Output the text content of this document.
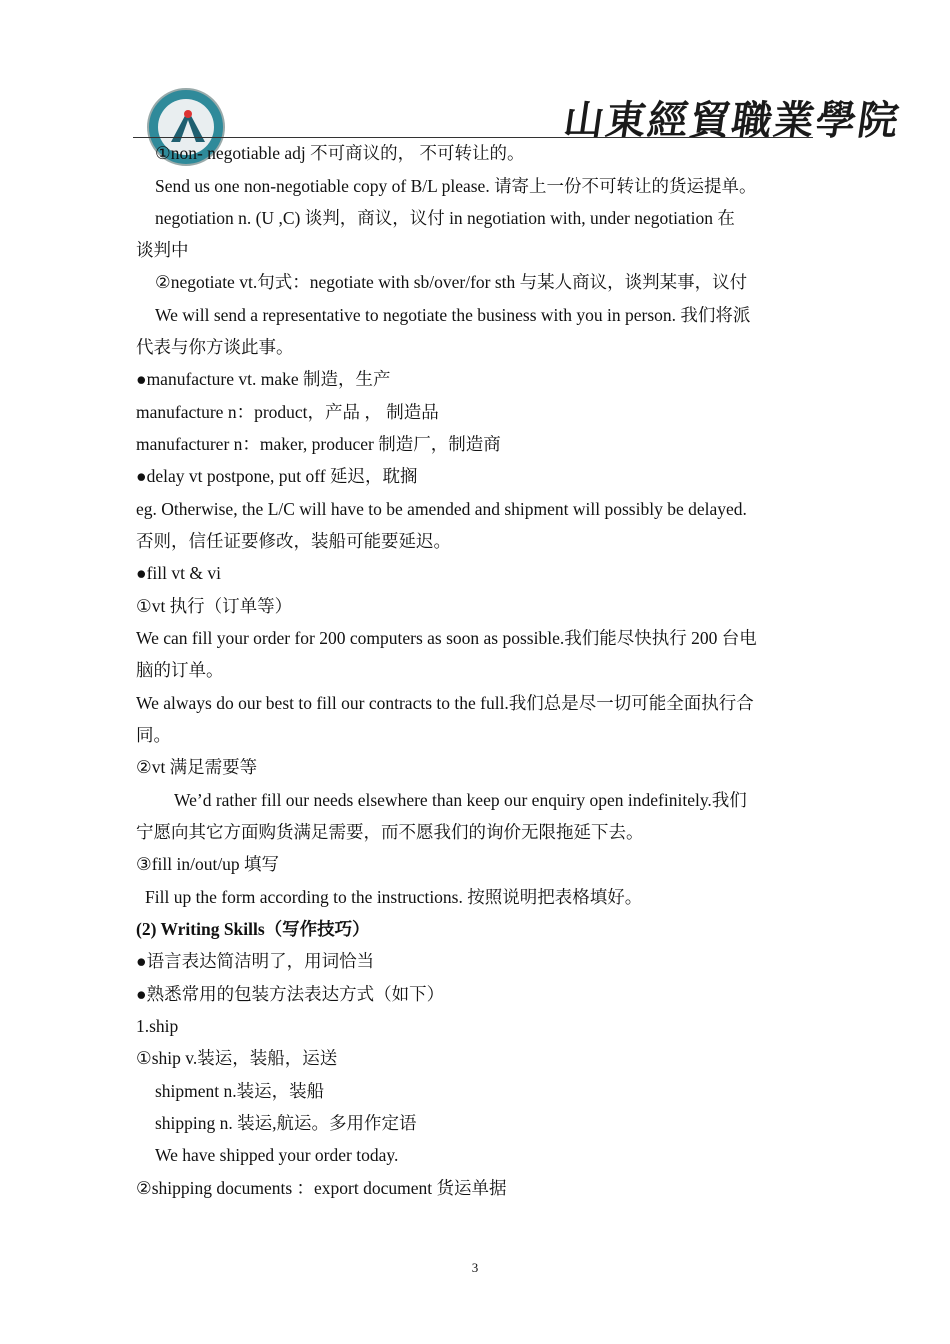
山東經貿職業學院
①non- negotiable adj 不可商议的， 不可转让的。
Send us one non-negotiable copy of B/L please. 请寄上一份不可转让的货运提单。
negotiation n. (U ,C) 谈判，商议，议付 in negotiation with, under negotiation 在
谈判中
②negotiate vt.句式：negotiate with sb/over/for sth 与某人商议，谈判某事，议付
We will send a representative to negotiate the business with you in person. 我们将派
代表与你方谈此事。
●manufacture vt. make 制造，生产
manufacture n：product，产品 ， 制造品
manufacturer n：maker, producer 制造厂，制造商
●delay vt postpone, put off 延迟，耽搁
eg. Otherwise, the L/C will have to be amended and shipment will possibly be delayed.
否则，信任证要修改，装船可能要延迟。
●fill vt & vi
①vt 执行（订单等）
We can fill your order for 200 computers as soon as possible.我们能尽快执行 200 台电
脑的订单。
We always do our best to fill our contracts to the full.我们总是尽一切可能全面执行合
同。
②vt 满足需要等
We’d rather fill our needs elsewhere than keep our enquiry open indefinitely.我们
宁愿向其它方面购货满足需要，而不愿我们的询价无限拖延下去。
③fill in/out/up 填写
Fill up the form according to the instructions. 按照说明把表格填好。
(2) Writing Skills（写作技巧）
●语言表达简洁明了，用词恰当
●熟悉常用的包装方法表达方式（如下）
1.ship
①ship v.装运，装船，运送
shipment n.装运，装船
shipping n. 装运,航运。多用作定语
We have shipped your order today.
②shipping documents ：export document 货运单据
3
